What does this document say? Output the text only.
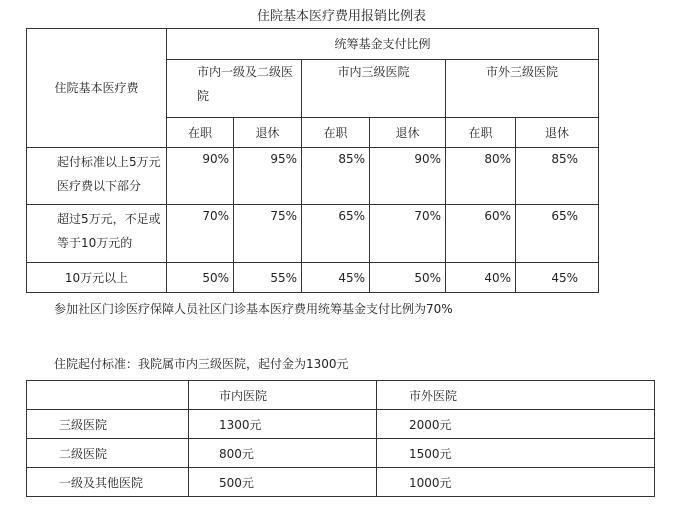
住院基本医疗费用报销比例表
住院基本医疗费	统筹基金支付比例					
	市内一级及二级医院		市内三级医院		市外三级医院	
	在职	退休	在职	退休	在职	退休
起付标准以上5万元医疗费以下部分	90%	95%	85%	90%	80%	85%
超过5万元，不足或等于10万元的	70%	75%	65%	70%	60%	65%
10万元以上	50%	55%	45%	50%	40%	45%
参加社区门诊医疗保障人员社区门诊基本医疗费用统筹基金支付比例为70%
住院起付标准：我院属市内三级医院，起付金为1300元
	市内医院	市外医院
三级医院	1300元	2000元
二级医院	800元	1500元
一级及其他医院	500元	1000元
